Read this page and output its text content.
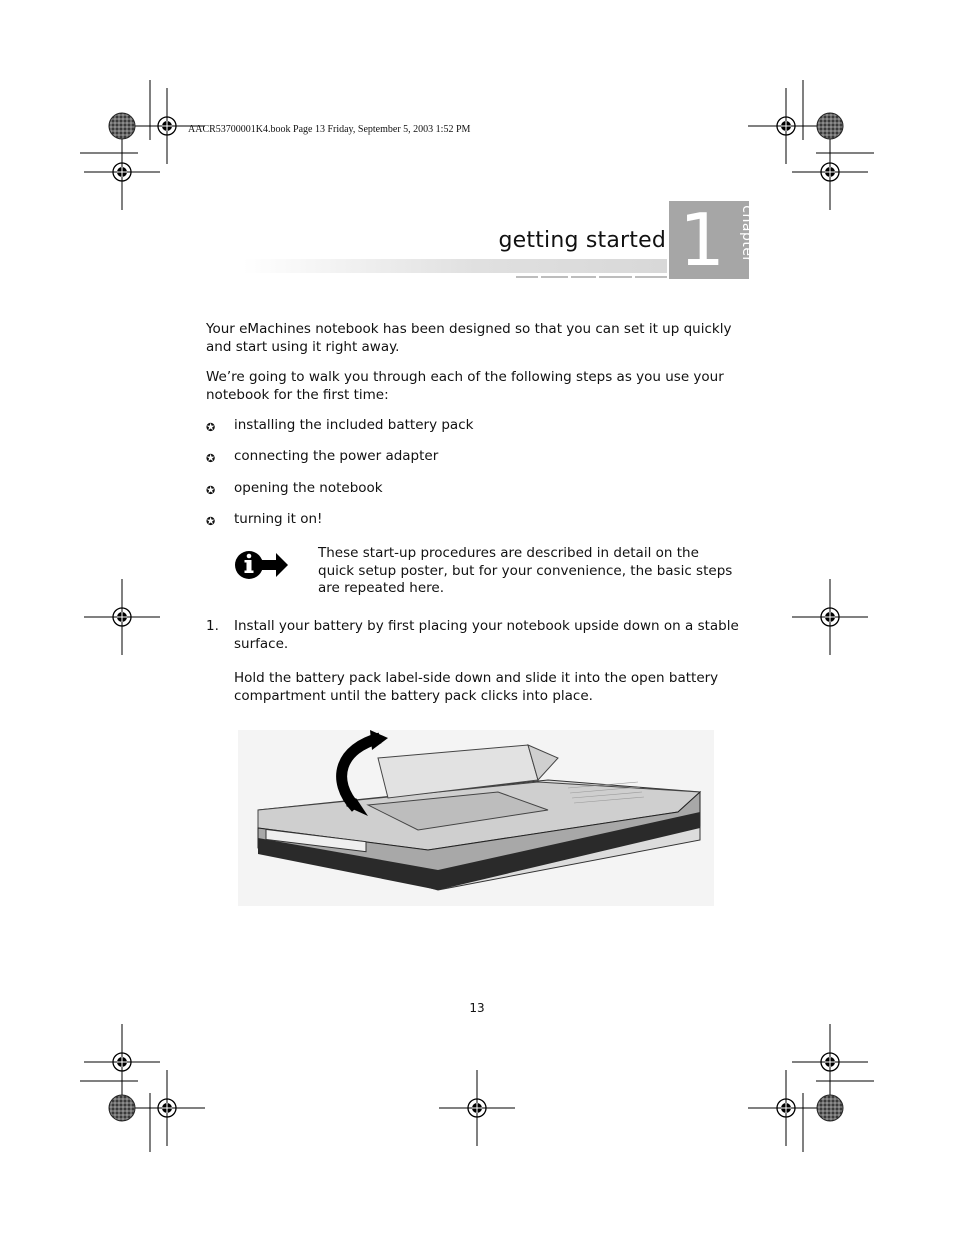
AACR53700001K4.book Page 13 Friday, September 5, 2003 1:52 PM
getting started 1	chapter
Your eMachines notebook has been designed so that you can set it up quickly and start using it right away.
We’re going to walk you through each of the following steps as you use your notebook for the first time:
✪	installing the included battery pack
✪	connecting the power adapter
✪	opening the notebook
✪	turning it on!
These start-up procedures are described in detail on the quick setup poster, but for your convenience, the basic steps are repeated here.
1.	Install your battery by first placing your notebook upside down on a stable surface.
Hold the battery pack label-side down and slide it into the open battery compartment until the battery pack clicks into place.
13
